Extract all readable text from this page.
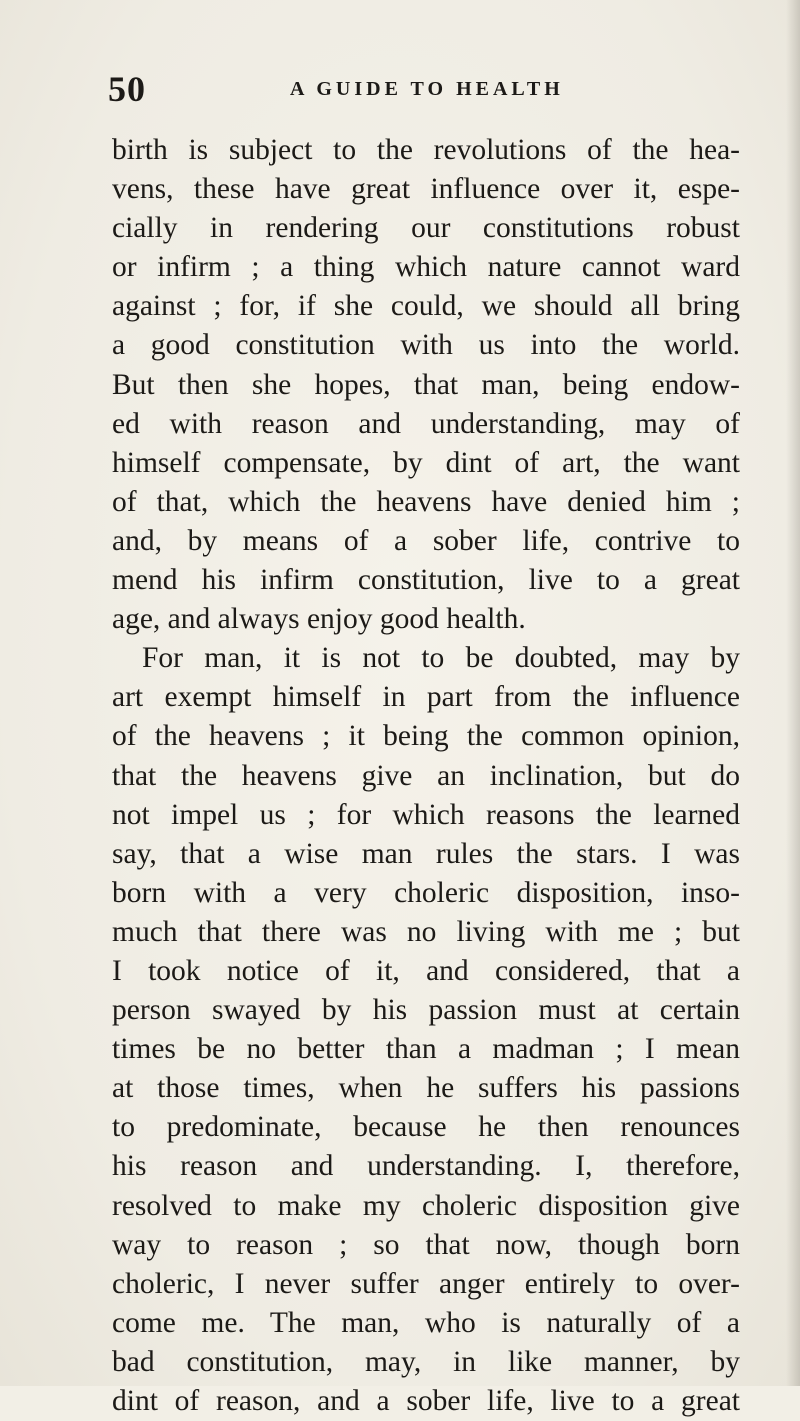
50	A GUIDE TO HEALTH
birth is subject to the revolutions of the hea-
vens, these have great influence over it, espe-
cially in rendering our constitutions robust
or infirm ; a thing which nature cannot ward
against ; for, if she could, we should all bring
a good constitution with us into the world.
But then she hopes, that man, being endow-
ed with reason and understanding, may of
himself compensate, by dint of art, the want
of that, which the heavens have denied him ;
and, by means of a sober life, contrive to
mend his infirm constitution, live to a great
age, and always enjoy good health.
For man, it is not to be doubted, may by
art exempt himself in part from the influence
of the heavens ; it being the common opinion,
that the heavens give an inclination, but do
not impel us ; for which reasons the learned
say, that a wise man rules the stars. I was
born with a very choleric disposition, inso-
much that there was no living with me ; but
I took notice of it, and considered, that a
person swayed by his passion must at certain
times be no better than a madman ; I mean
at those times, when he suffers his passions
to predominate, because he then renounces
his reason and understanding. I, therefore,
resolved to make my choleric disposition give
way to reason ; so that now, though born
choleric, I never suffer anger entirely to over-
come me. The man, who is naturally of a
bad constitution, may, in like manner, by
dint of reason, and a sober life, live to a great
